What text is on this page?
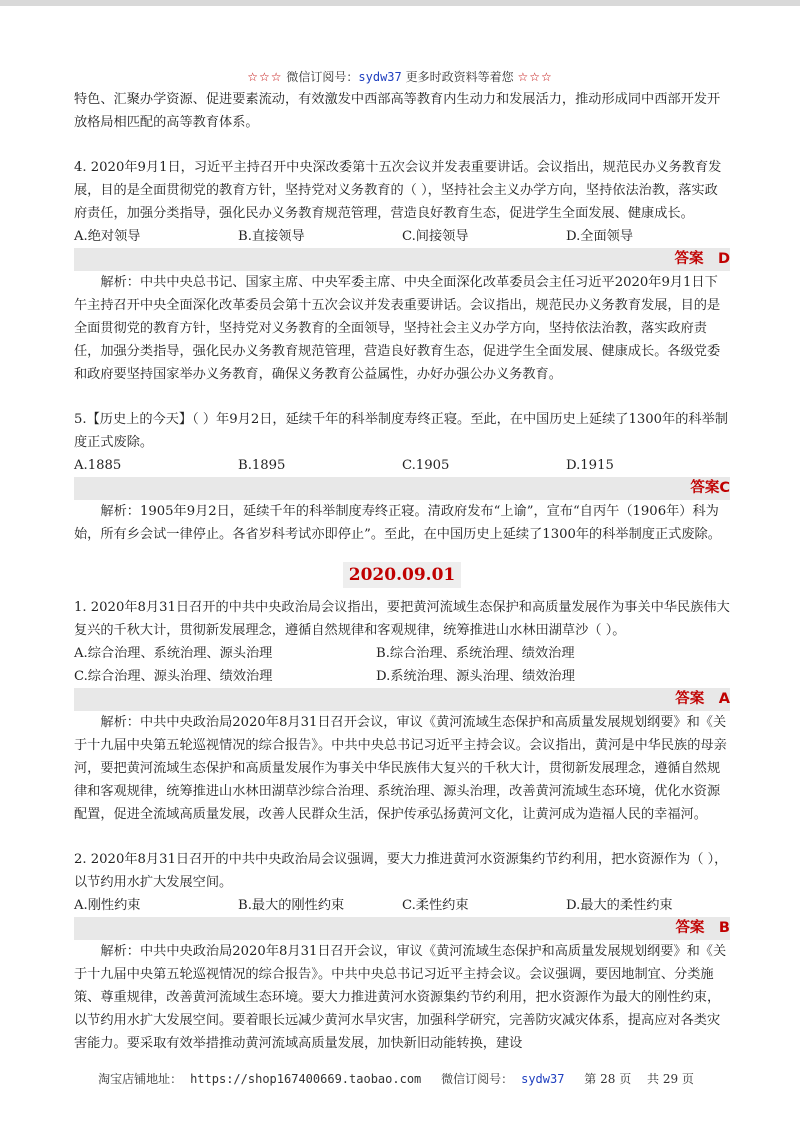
☆☆☆ 微信订阅号：sydw37 更多时政资料等着您 ☆☆☆

特色、汇聚办学资源、促进要素流动，有效激发中西部高等教育内生动力和发展活力，推动形成同中西部开发开放格局相匹配的高等教育体系。

4. 2020年9月1日，习近平主持召开中央深改委第十五次会议并发表重要讲话。会议指出，规范民办义务教育发展，目的是全面贯彻党的教育方针，坚持党对义务教育的（ ），坚持社会主义办学方向，坚持依法治教，落实政府责任，加强分类指导，强化民办义务教育规范管理，营造良好教育生态，促进学生全面发展、健康成长。

A.绝对领导	B.直接领导	C.间接领导	D.全面领导
答案　D

解析：中共中央总书记、国家主席、中央军委主席、中央全面深化改革委员会主任习近平2020年9月1日下午主持召开中央全面深化改革委员会第十五次会议并发表重要讲话。会议指出，规范民办义务教育发展，目的是全面贯彻党的教育方针，坚持党对义务教育的全面领导，坚持社会主义办学方向，坚持依法治教，落实政府责任，加强分类指导，强化民办义务教育规范管理，营造良好教育生态，促进学生全面发展、健康成长。各级党委和政府要坚持国家举办义务教育，确保义务教育公益属性，办好办强公办义务教育。

5.【历史上的今天】（ ）年9月2日，延续千年的科举制度寿终正寝。至此，在中国历史上延续了1300年的科举制度正式废除。

A.1885	B.1895	C.1905	D.1915
答案C

解析：1905年9月2日，延续千年的科举制度寿终正寝。清政府发布“上谕”，宣布“自丙午（1906年）科为始，所有乡会试一律停止。各省岁科考试亦即停止”。至此，在中国历史上延续了1300年的科举制度正式废除。

2020.09.01

1. 2020年8月31日召开的中共中央政治局会议指出，要把黄河流域生态保护和高质量发展作为事关中华民族伟大复兴的千秋大计，贯彻新发展理念，遵循自然规律和客观规律，统筹推进山水林田湖草沙（ ）。

A.综合治理、系统治理、源头治理	B.综合治理、系统治理、绩效治理
C.综合治理、源头治理、绩效治理	D.系统治理、源头治理、绩效治理
答案　A

解析：中共中央政治局2020年8月31日召开会议，审议《黄河流域生态保护和高质量发展规划纲要》和《关于十九届中央第五轮巡视情况的综合报告》。中共中央总书记习近平主持会议。会议指出，黄河是中华民族的母亲河，要把黄河流域生态保护和高质量发展作为事关中华民族伟大复兴的千秋大计，贯彻新发展理念，遵循自然规律和客观规律，统筹推进山水林田湖草沙综合治理、系统治理、源头治理，改善黄河流域生态环境，优化水资源配置，促进全流域高质量发展，改善人民群众生活，保护传承弘扬黄河文化，让黄河成为造福人民的幸福河。

2. 2020年8月31日召开的中共中央政治局会议强调，要大力推进黄河水资源集约节约利用，把水资源作为（ ），以节约用水扩大发展空间。

A.刚性约束	B.最大的刚性约束	C.柔性约束	D.最大的柔性约束
答案　B

解析：中共中央政治局2020年8月31日召开会议，审议《黄河流域生态保护和高质量发展规划纲要》和《关于十九届中央第五轮巡视情况的综合报告》。中共中央总书记习近平主持会议。会议强调，要因地制宜、分类施策、尊重规律，改善黄河流域生态环境。要大力推进黄河水资源集约节约利用，把水资源作为最大的刚性约束，以节约用水扩大发展空间。要着眼长远减少黄河水旱灾害，加强科学研究，完善防灾减灾体系，提高应对各类灾害能力。要采取有效举措推动黄河流域高质量发展，加快新旧动能转换，建设

淘宝店铺地址： https://shop167400669.taobao.com 微信订阅号： sydw37 第 28 页　 共 29 页
